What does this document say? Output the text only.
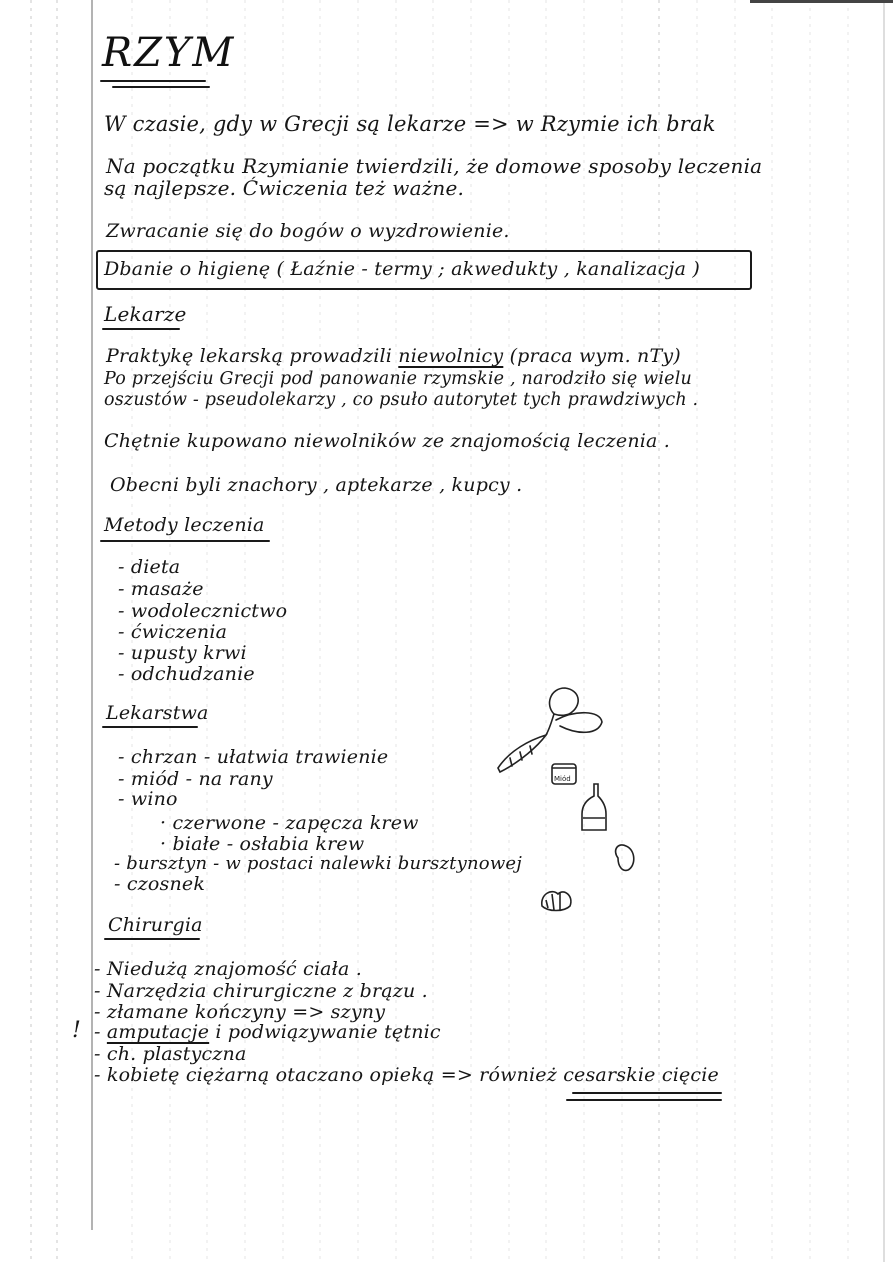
RZYM
W czasie, gdy w Grecji są lekarze => w Rzymie ich brak
Na początku Rzymianie twierdzili, że domowe sposoby leczenia
są najlepsze. Ćwiczenia też ważne.
Zwracanie się do bogów o wyzdrowienie.
Dbanie o higienę ( Łaźnie - termy ; akwedukty , kanalizacja )
Lekarze
Praktykę lekarską prowadzili niewolnicy (praca wym. nTy)
Po przejściu Grecji pod panowanie rzymskie , narodziło się wielu
oszustów - pseudolekarzy , co psuło autorytet tych prawdziwych .
Chętnie kupowano niewolników ze znajomością leczenia .
Obecni byli znachory , aptekarze , kupcy .
Metody leczenia
- dieta
- masaże
- wodolecznictwo
- ćwiczenia
- upusty krwi
- odchudzanie
Lekarstwa
- chrzan - ułatwia trawienie
- miód - na rany
- wino
· czerwone - zapęcza krew
· białe - osłabia krew
- bursztyn - w postaci nalewki bursztynowej
- czosnek
Miód
Chirurgia
- Niedużą znajomość ciała .
- Narzędzia chirurgiczne z brązu .
- złamane kończyny => szyny
- amputacje i podwiązywanie tętnic
- ch. plastyczna
- kobietę ciężarną otaczano opieką => również cesarskie cięcie
!
